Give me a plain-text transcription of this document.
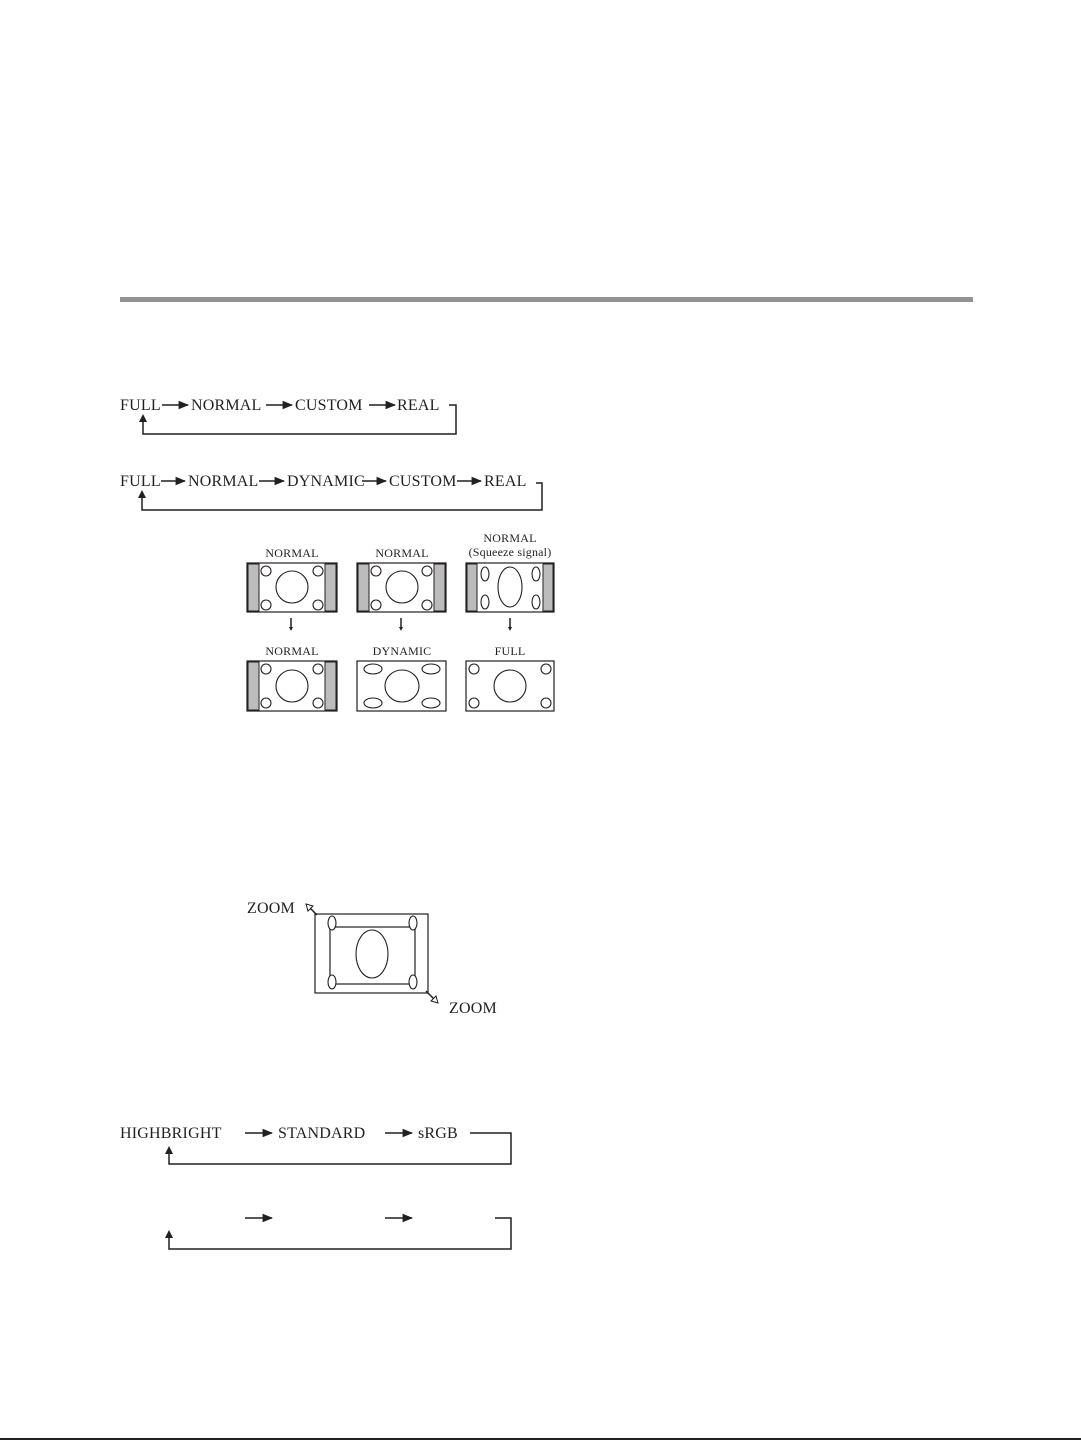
FULL NORMAL CUSTOM REAL
FULL NORMAL DYNAMIC CUSTOM REAL
NORMAL	NORMAL
NORMAL
(Squeeze signal)
NORMAL	DYNAMIC	FULL
ZOOM
ZOOM
HIGHBRIGHT	STANDARD	sRGB
